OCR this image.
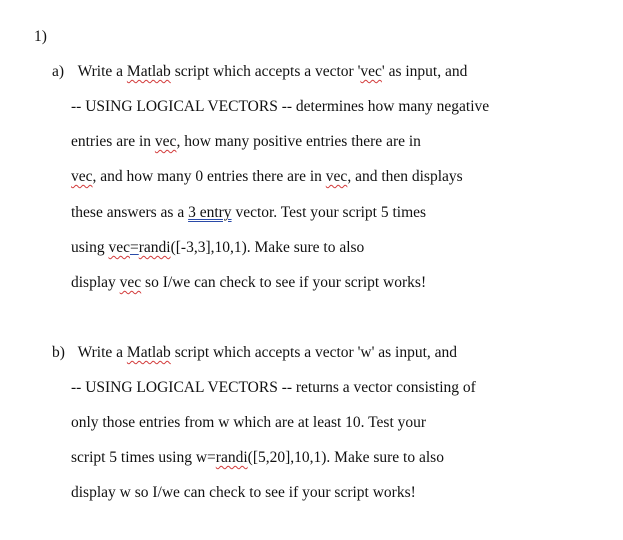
1)
a) Write a Matlab script which accepts a vector 'vec' as input, and
-- USING LOGICAL VECTORS -- determines how many negative
entries are in vec, how many positive entries there are in
vec, and how many 0 entries there are in vec, and then displays
these answers as a 3 entry vector. Test your script 5 times
using vec=randi([-3,3],10,1). Make sure to also
display vec so I/we can check to see if your script works!
b) Write a Matlab script which accepts a vector 'w' as input, and
-- USING LOGICAL VECTORS -- returns a vector consisting of
only those entries from w which are at least 10. Test your
script 5 times using w=randi([5,20],10,1). Make sure to also
display w so I/we can check to see if your script works!
